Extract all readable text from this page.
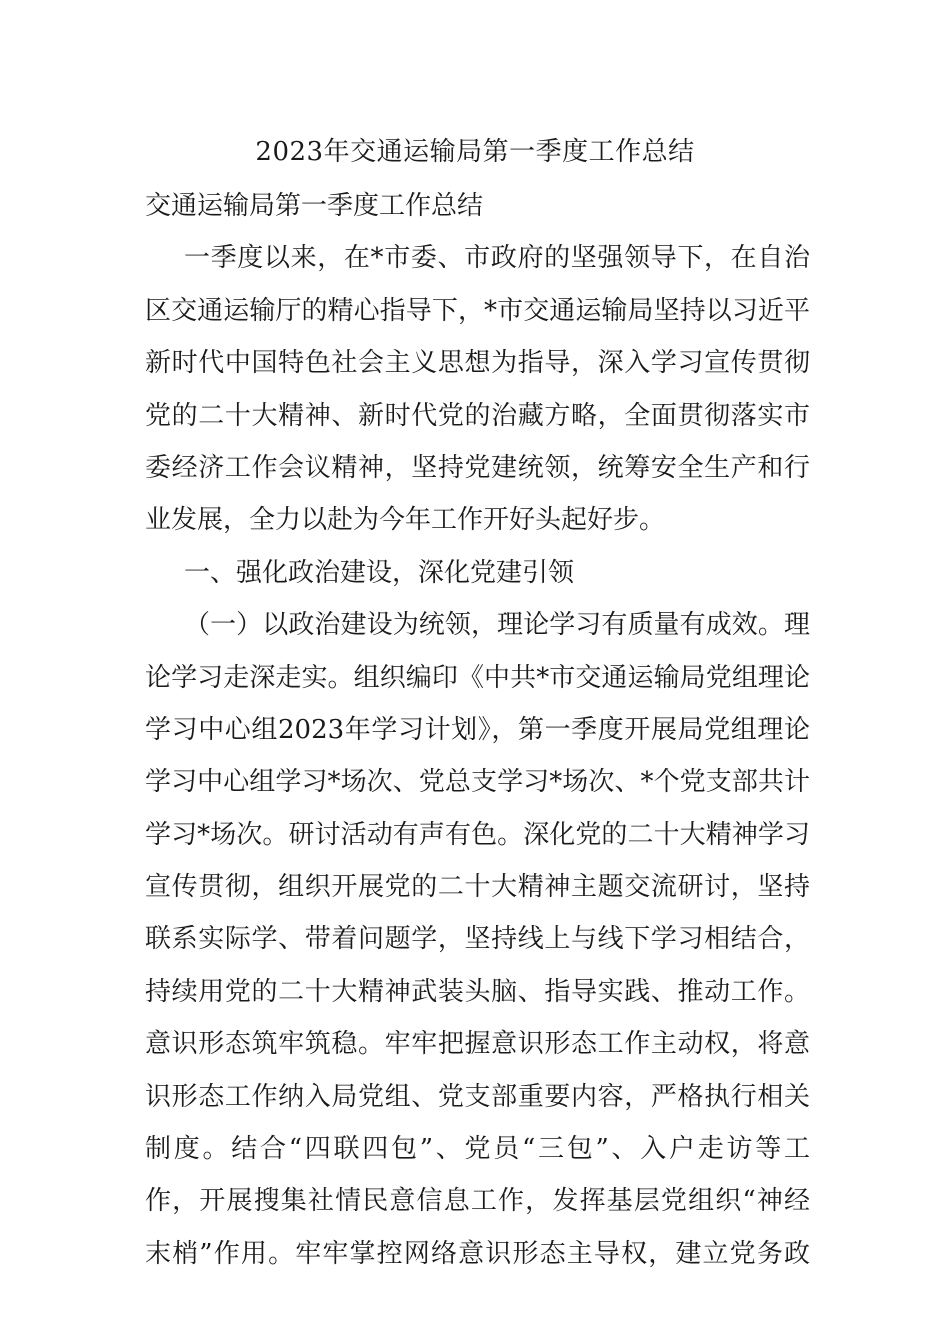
2023年交通运输局第一季度工作总结
交通运输局第一季度工作总结
一季度以来，在*市委、市政府的坚强领导下，在自治
区交通运输厅的精心指导下，*市交通运输局坚持以习近平
新时代中国特色社会主义思想为指导，深入学习宣传贯彻
党的二十大精神、新时代党的治藏方略，全面贯彻落实市
委经济工作会议精神，坚持党建统领，统筹安全生产和行
业发展，全力以赴为今年工作开好头起好步。
一、强化政治建设，深化党建引领
（一）以政治建设为统领，理论学习有质量有成效。理
论学习走深走实。组织编印《中共*市交通运输局党组理论
学习中心组2023年学习计划》，第一季度开展局党组理论
学习中心组学习*场次、党总支学习*场次、*个党支部共计
学习*场次。研讨活动有声有色。深化党的二十大精神学习
宣传贯彻，组织开展党的二十大精神主题交流研讨，坚持
联系实际学、带着问题学，坚持线上与线下学习相结合，
持续用党的二十大精神武装头脑、指导实践、推动工作。
意识形态筑牢筑稳。牢牢把握意识形态工作主动权，将意
识形态工作纳入局党组、党支部重要内容，严格执行相关
制度。结合“四联四包”、党员“三包”、入户走访等工
作，开展搜集社情民意信息工作，发挥基层党组织“神经
末梢”作用。牢牢掌控网络意识形态主导权，建立党务政
